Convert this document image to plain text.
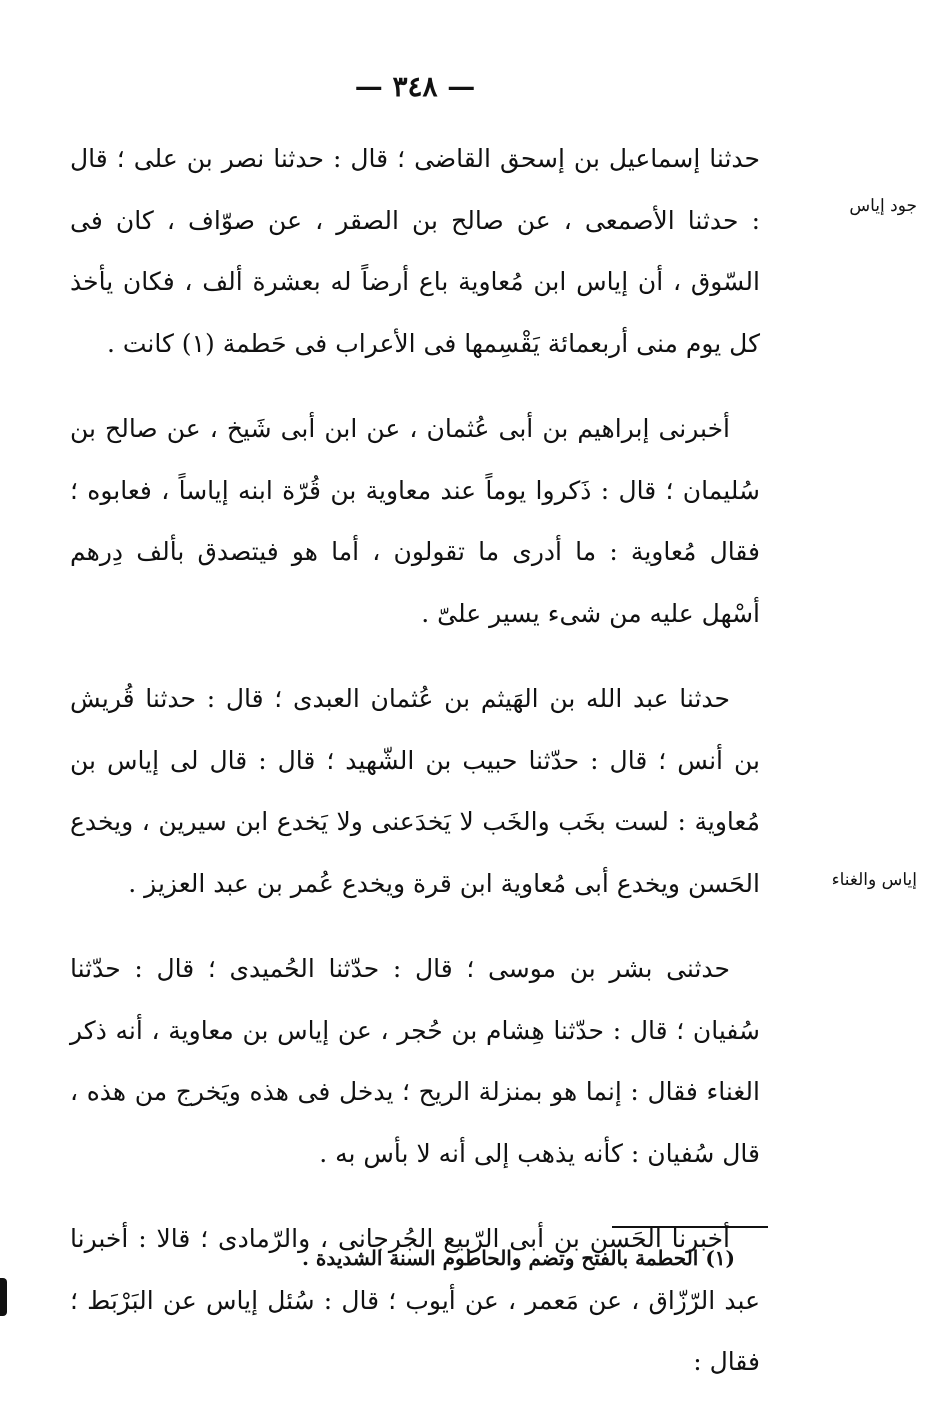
— ٣٤٨ —
جود إياس
إياس والغناء

حدثنا إسماعيل بن إسحق القاضى ؛ قال : حدثنا نصر بن على ؛ قال : حدثنا الأصمعى ، عن صالح بن الصقر ، عن صوّاف ، كان فى السّوق ، أن إياس ابن مُعاوية باع أرضاً له بعشرة ألف ، فكان يأخذ كل يوم منى أربعمائة يَقْسِمها فى الأعراب فى حَطمة (١) كانت .

أخبرنى إبراهيم بن أبى عُثمان ، عن ابن أبى شَيخ ، عن صالح بن سُليمان ؛ قال : ذَكروا يوماً عند معاوية بن قُرّة ابنه إياساً ، فعابوه ؛ فقال مُعاوية : ما أدرى ما تقولون ، أما هو فيتصدق بألف دِرهم أسْهل عليه من شىء يسير علىّ .

حدثنا عبد الله بن الهَيثم بن عُثمان العبدى ؛ قال : حدثنا قُريش بن أنس ؛ قال : حدّثنا حبيب بن الشّهيد ؛ قال : قال لى إياس بن مُعاوية : لست بخَب والخَب لا يَخدَعنى ولا يَخدع ابن سيرين ، ويخدع الحَسن ويخدع أبى مُعاوية ابن قرة ويخدع عُمر بن عبد العزيز .

حدثنى بشر بن موسى ؛ قال : حدّثنا الحُميدى ؛ قال : حدّثنا سُفيان ؛ قال : حدّثنا هِشام بن حُجر ، عن إياس بن معاوية ، أنه ذكر الغناء فقال : إنما هو بمنزلة الريح ؛ يدخل فى هذه ويَخرج من هذه ، قال سُفيان : كأنه يذهب إلى أنه لا بأس به .

أخبرنا الحَسن بن أبى الرّبيع الجُرجانى ، والرّمادى ؛ قالا : أخبرنا عبد الرّزّاق ، عن مَعمر ، عن أيوب ؛ قال : سُئل إياس عن البَرْبَط ؛ فقال :

(١) الحطمة بالفتح وتضم والحاطوم السنة الشديدة .
